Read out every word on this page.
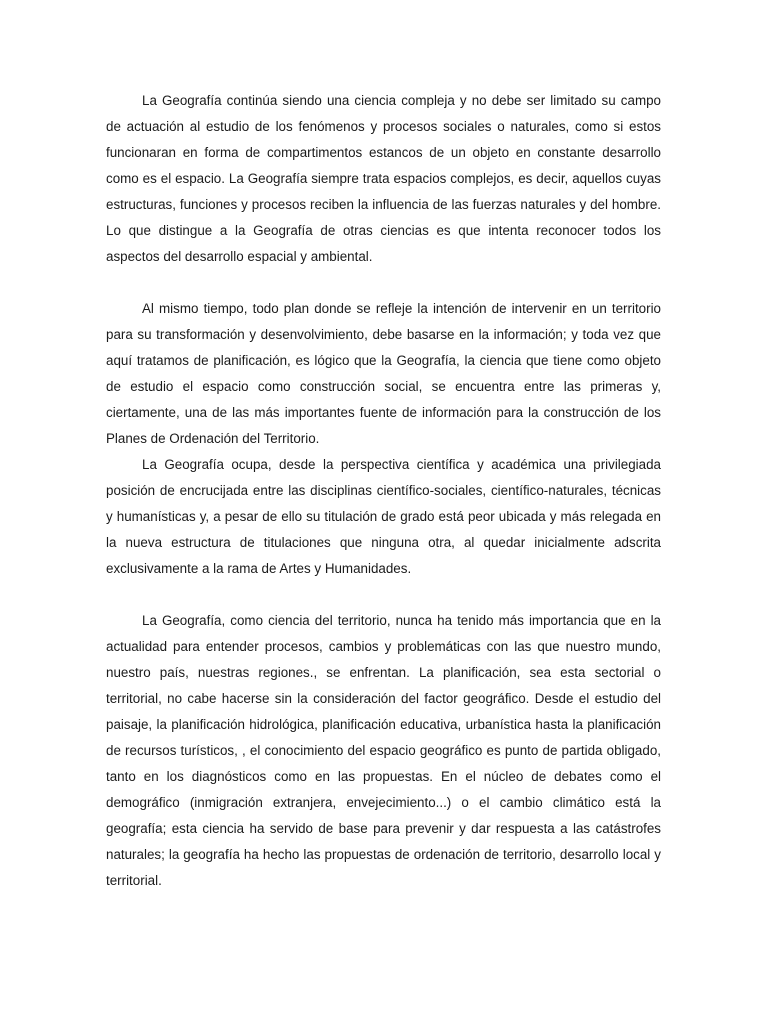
La Geografía continúa siendo una ciencia compleja y no debe ser limitado su campo de actuación al estudio de los fenómenos y procesos sociales o naturales, como si estos funcionaran en forma de compartimentos estancos de un objeto en constante desarrollo como es el espacio. La Geografía siempre trata espacios complejos, es decir, aquellos cuyas estructuras, funciones y procesos reciben la influencia de las fuerzas naturales y del hombre. Lo que distingue a la Geografía de otras ciencias es que intenta reconocer todos los aspectos del desarrollo espacial y ambiental.

Al mismo tiempo, todo plan donde se refleje la intención de intervenir en un territorio para su transformación y desenvolvimiento, debe basarse en la información; y toda vez que aquí tratamos de planificación, es lógico que la Geografía, la ciencia que tiene como objeto de estudio el espacio como construcción social, se encuentra entre las primeras y, ciertamente, una de las más importantes fuente de información para la construcción de los Planes de Ordenación del Territorio.

La Geografía ocupa, desde la perspectiva científica y académica una privilegiada posición de encrucijada entre las disciplinas científico-sociales, científico-naturales, técnicas y humanísticas y, a pesar de ello su titulación de grado está peor ubicada y más relegada en la nueva estructura de titulaciones que ninguna otra, al quedar inicialmente adscrita exclusivamente a la rama de Artes y Humanidades.

La Geografía, como ciencia del territorio, nunca ha tenido más importancia que en la actualidad para entender procesos, cambios y problemáticas con las que nuestro mundo, nuestro país, nuestras regiones., se enfrentan. La planificación, sea esta sectorial o territorial, no cabe hacerse sin la consideración del factor geográfico. Desde el estudio del paisaje, la planificación hidrológica, planificación educativa, urbanística hasta la planificación de recursos turísticos, , el conocimiento del espacio geográfico es punto de partida obligado, tanto en los diagnósticos como en las propuestas. En el núcleo de debates como el demográfico (inmigración extranjera, envejecimiento...) o el cambio climático está la geografía; esta ciencia ha servido de base para prevenir y dar respuesta a las catástrofes naturales; la geografía ha hecho las propuestas de ordenación de territorio, desarrollo local y territorial.
